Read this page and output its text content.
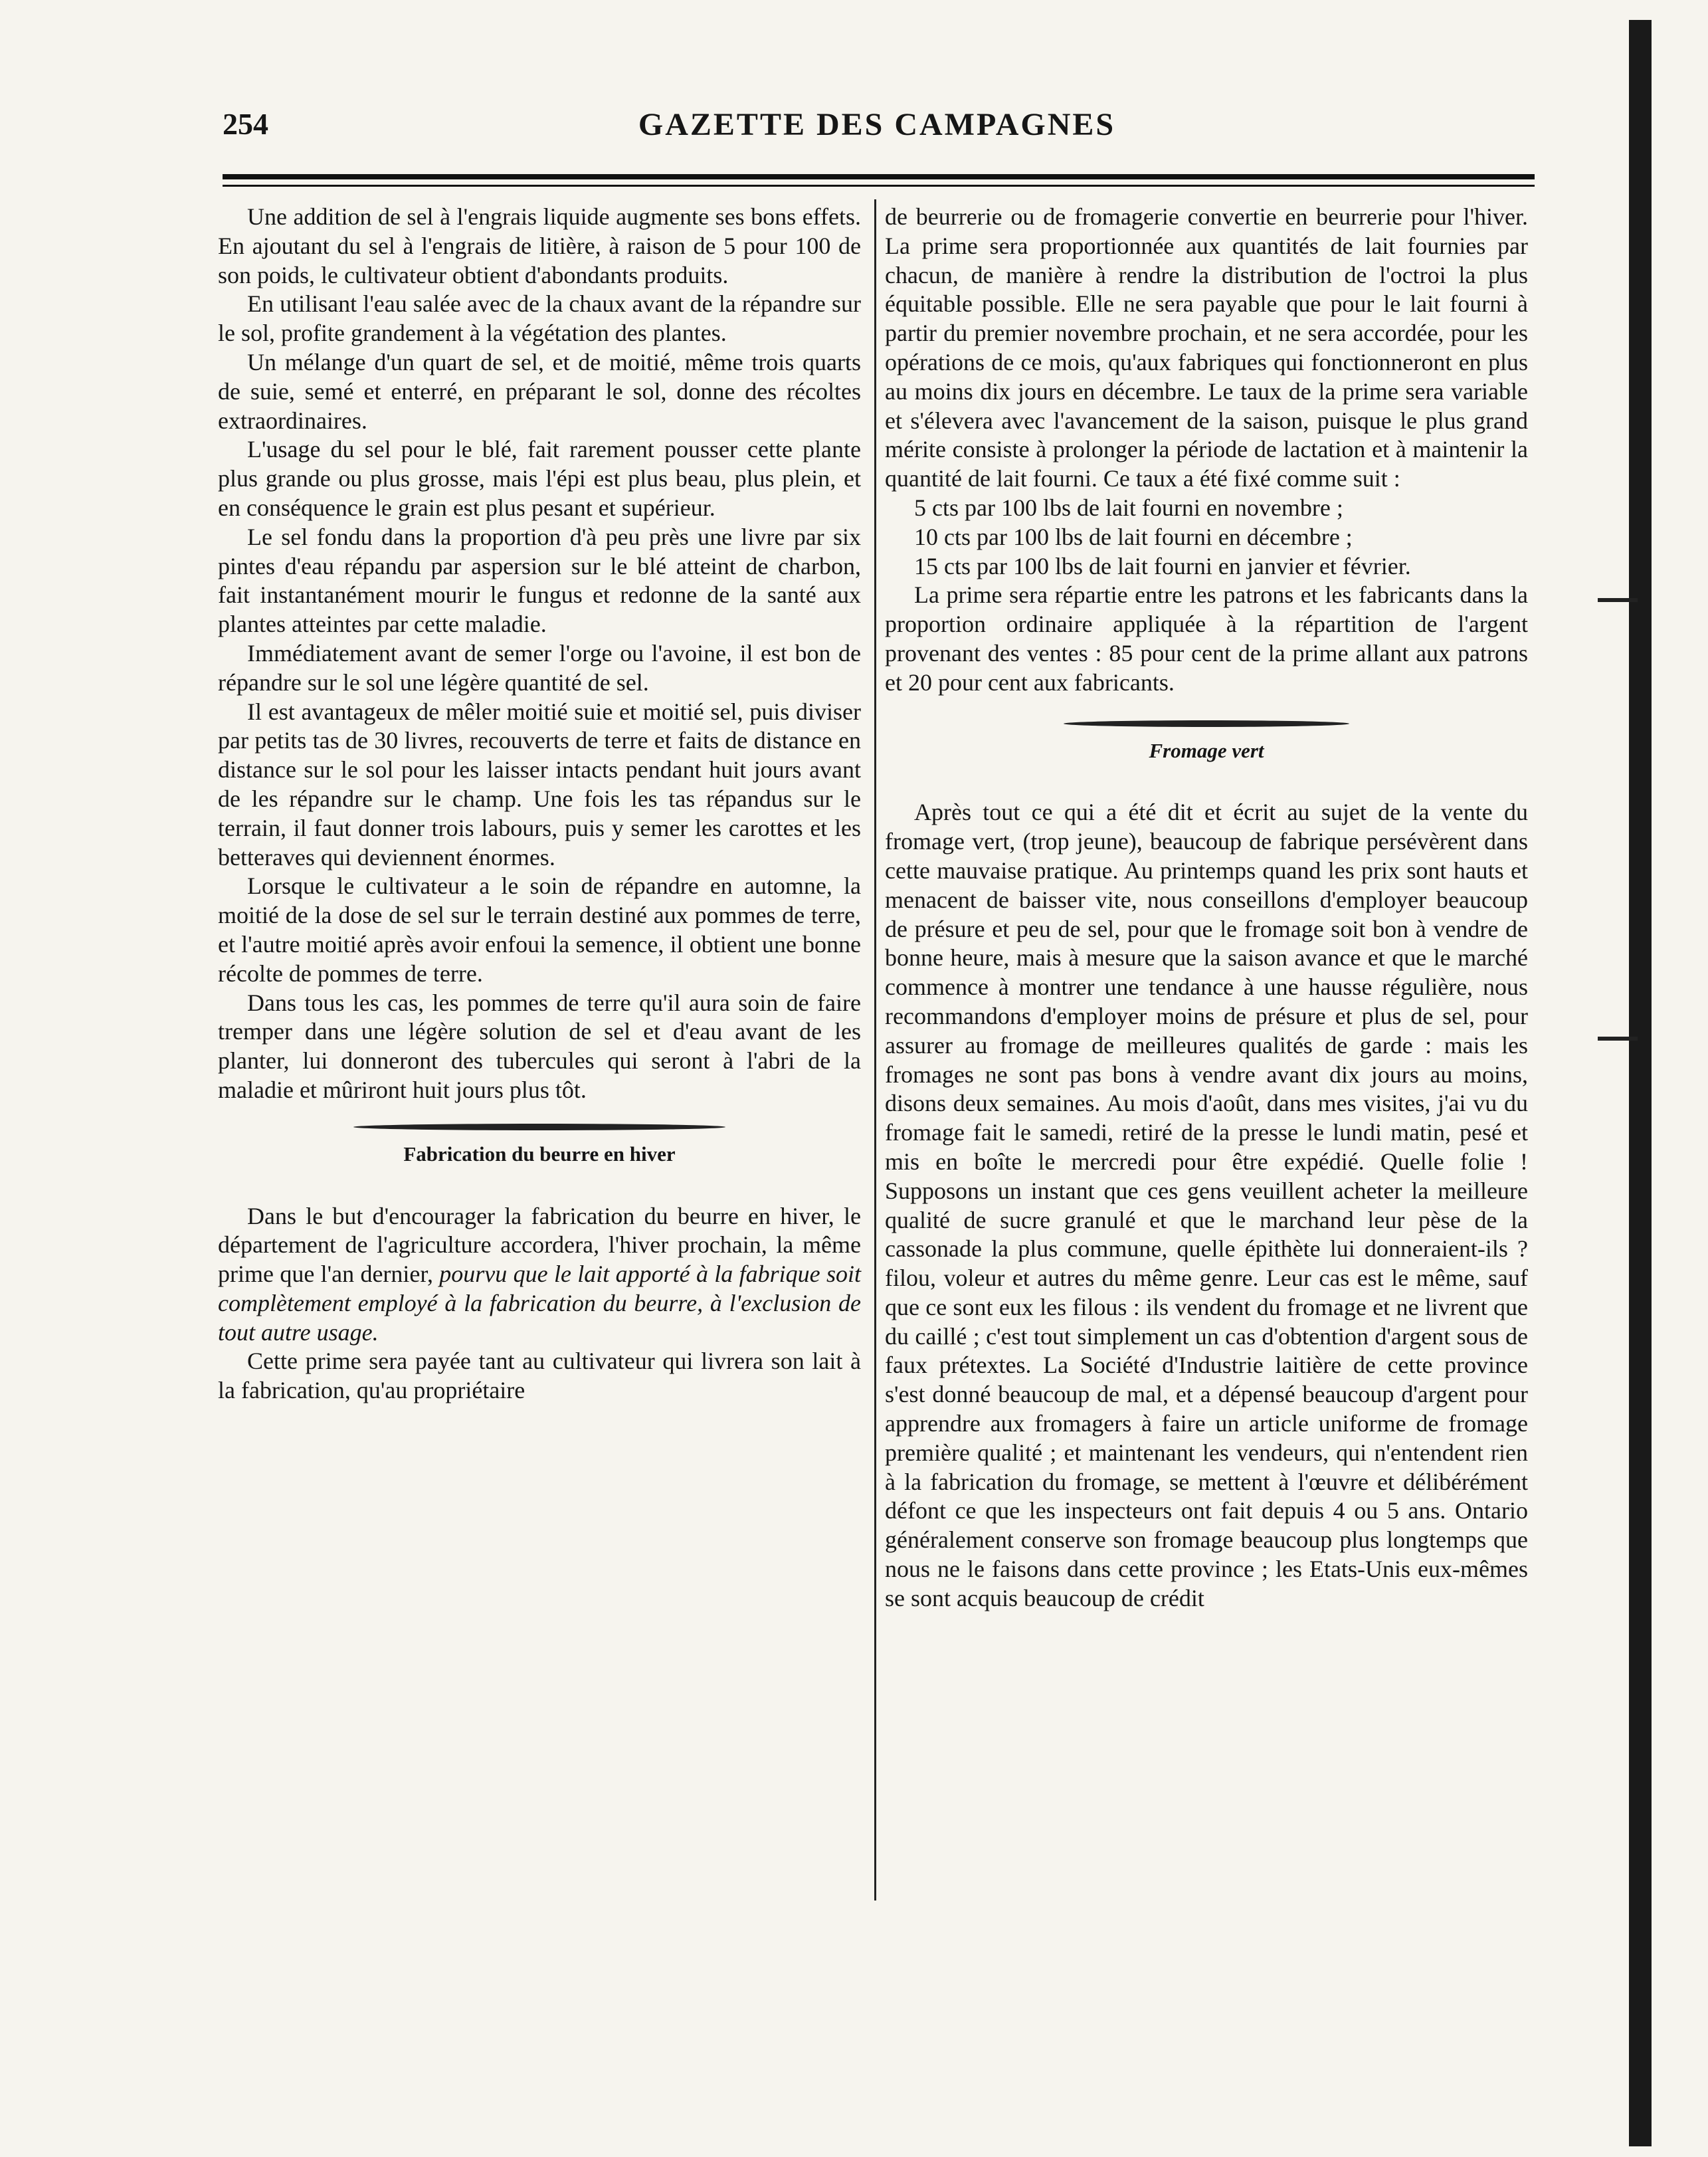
GAZETTE DES CAMPAGNES
254

Une addition de sel à l'engrais liquide augmente ses bons effets. En ajoutant du sel à l'engrais de litière, à raison de 5 pour 100 de son poids, le cultivateur obtient d'abondants produits.

En utilisant l'eau salée avec de la chaux avant de la répandre sur le sol, profite grandement à la végétation des plantes.

Un mélange d'un quart de sel, et de moitié, même trois quarts de suie, semé et enterré, en préparant le sol, donne des récoltes extraordinaires.

L'usage du sel pour le blé, fait rarement pousser cette plante plus grande ou plus grosse, mais l'épi est plus beau, plus plein, et en conséquence le grain est plus pesant et supérieur.

Le sel fondu dans la proportion d'à peu près une livre par six pintes d'eau répandu par aspersion sur le blé atteint de charbon, fait instantanément mourir le fungus et redonne de la santé aux plantes atteintes par cette maladie.

Immédiatement avant de semer l'orge ou l'avoine, il est bon de répandre sur le sol une légère quantité de sel.

Il est avantageux de mêler moitié suie et moitié sel, puis diviser par petits tas de 30 livres, recouverts de terre et faits de distance en distance sur le sol pour les laisser intacts pendant huit jours avant de les répandre sur le champ. Une fois les tas répandus sur le terrain, il faut donner trois labours, puis y semer les carottes et les betteraves qui deviennent énormes.

Lorsque le cultivateur a le soin de répandre en automne, la moitié de la dose de sel sur le terrain destiné aux pommes de terre, et l'autre moitié après avoir enfoui la semence, il obtient une bonne récolte de pommes de terre.

Dans tous les cas, les pommes de terre qu'il aura soin de faire tremper dans une légère solution de sel et d'eau avant de les planter, lui donneront des tubercules qui seront à l'abri de la maladie et mûriront huit jours plus tôt.

Fabrication du beurre en hiver

Dans le but d'encourager la fabrication du beurre en hiver, le département de l'agriculture accordera, l'hiver prochain, la même prime que l'an dernier, pourvu que le lait apporté à la fabrique soit complètement employé à la fabrication du beurre, à l'exclusion de tout autre usage.

Cette prime sera payée tant au cultivateur qui livrera son lait à la fabrication, qu'au propriétaire

de beurrerie ou de fromagerie convertie en beurrerie pour l'hiver. La prime sera proportionnée aux quantités de lait fournies par chacun, de manière à rendre la distribution de l'octroi la plus équitable possible. Elle ne sera payable que pour le lait fourni à partir du premier novembre prochain, et ne sera accordée, pour les opérations de ce mois, qu'aux fabriques qui fonctionneront en plus au moins dix jours en décembre. Le taux de la prime sera variable et s'élevera avec l'avancement de la saison, puisque le plus grand mérite consiste à prolonger la période de lactation et à maintenir la quantité de lait fourni. Ce taux a été fixé comme suit :

5 cts par 100 lbs de lait fourni en novembre ;

10 cts par 100 lbs de lait fourni en décembre ;

15 cts par 100 lbs de lait fourni en janvier et février.

La prime sera répartie entre les patrons et les fabricants dans la proportion ordinaire appliquée à la répartition de l'argent provenant des ventes : 85 pour cent de la prime allant aux patrons et 20 pour cent aux fabricants.

Fromage vert

Après tout ce qui a été dit et écrit au sujet de la vente du fromage vert, (trop jeune), beaucoup de fabrique persévèrent dans cette mauvaise pratique. Au printemps quand les prix sont hauts et menacent de baisser vite, nous conseillons d'employer beaucoup de présure et peu de sel, pour que le fromage soit bon à vendre de bonne heure, mais à mesure que la saison avance et que le marché commence à montrer une tendance à une hausse régulière, nous recommandons d'employer moins de présure et plus de sel, pour assurer au fromage de meilleures qualités de garde : mais les fromages ne sont pas bons à vendre avant dix jours au moins, disons deux semaines. Au mois d'août, dans mes visites, j'ai vu du fromage fait le samedi, retiré de la presse le lundi matin, pesé et mis en boîte le mercredi pour être expédié. Quelle folie ! Supposons un instant que ces gens veuillent acheter la meilleure qualité de sucre granulé et que le marchand leur pèse de la cassonade la plus commune, quelle épithète lui donneraient-ils ? filou, voleur et autres du même genre. Leur cas est le même, sauf que ce sont eux les filous : ils vendent du fromage et ne livrent que du caillé ; c'est tout simplement un cas d'obtention d'argent sous de faux prétextes. La Société d'Industrie laitière de cette province s'est donné beaucoup de mal, et a dépensé beaucoup d'argent pour apprendre aux fromagers à faire un article uniforme de fromage première qualité ; et maintenant les vendeurs, qui n'entendent rien à la fabrication du fromage, se mettent à l'œuvre et délibérément défont ce que les inspecteurs ont fait depuis 4 ou 5 ans. Ontario généralement conserve son fromage beaucoup plus longtemps que nous ne le faisons dans cette province ; les Etats-Unis eux-mêmes se sont acquis beaucoup de crédit
